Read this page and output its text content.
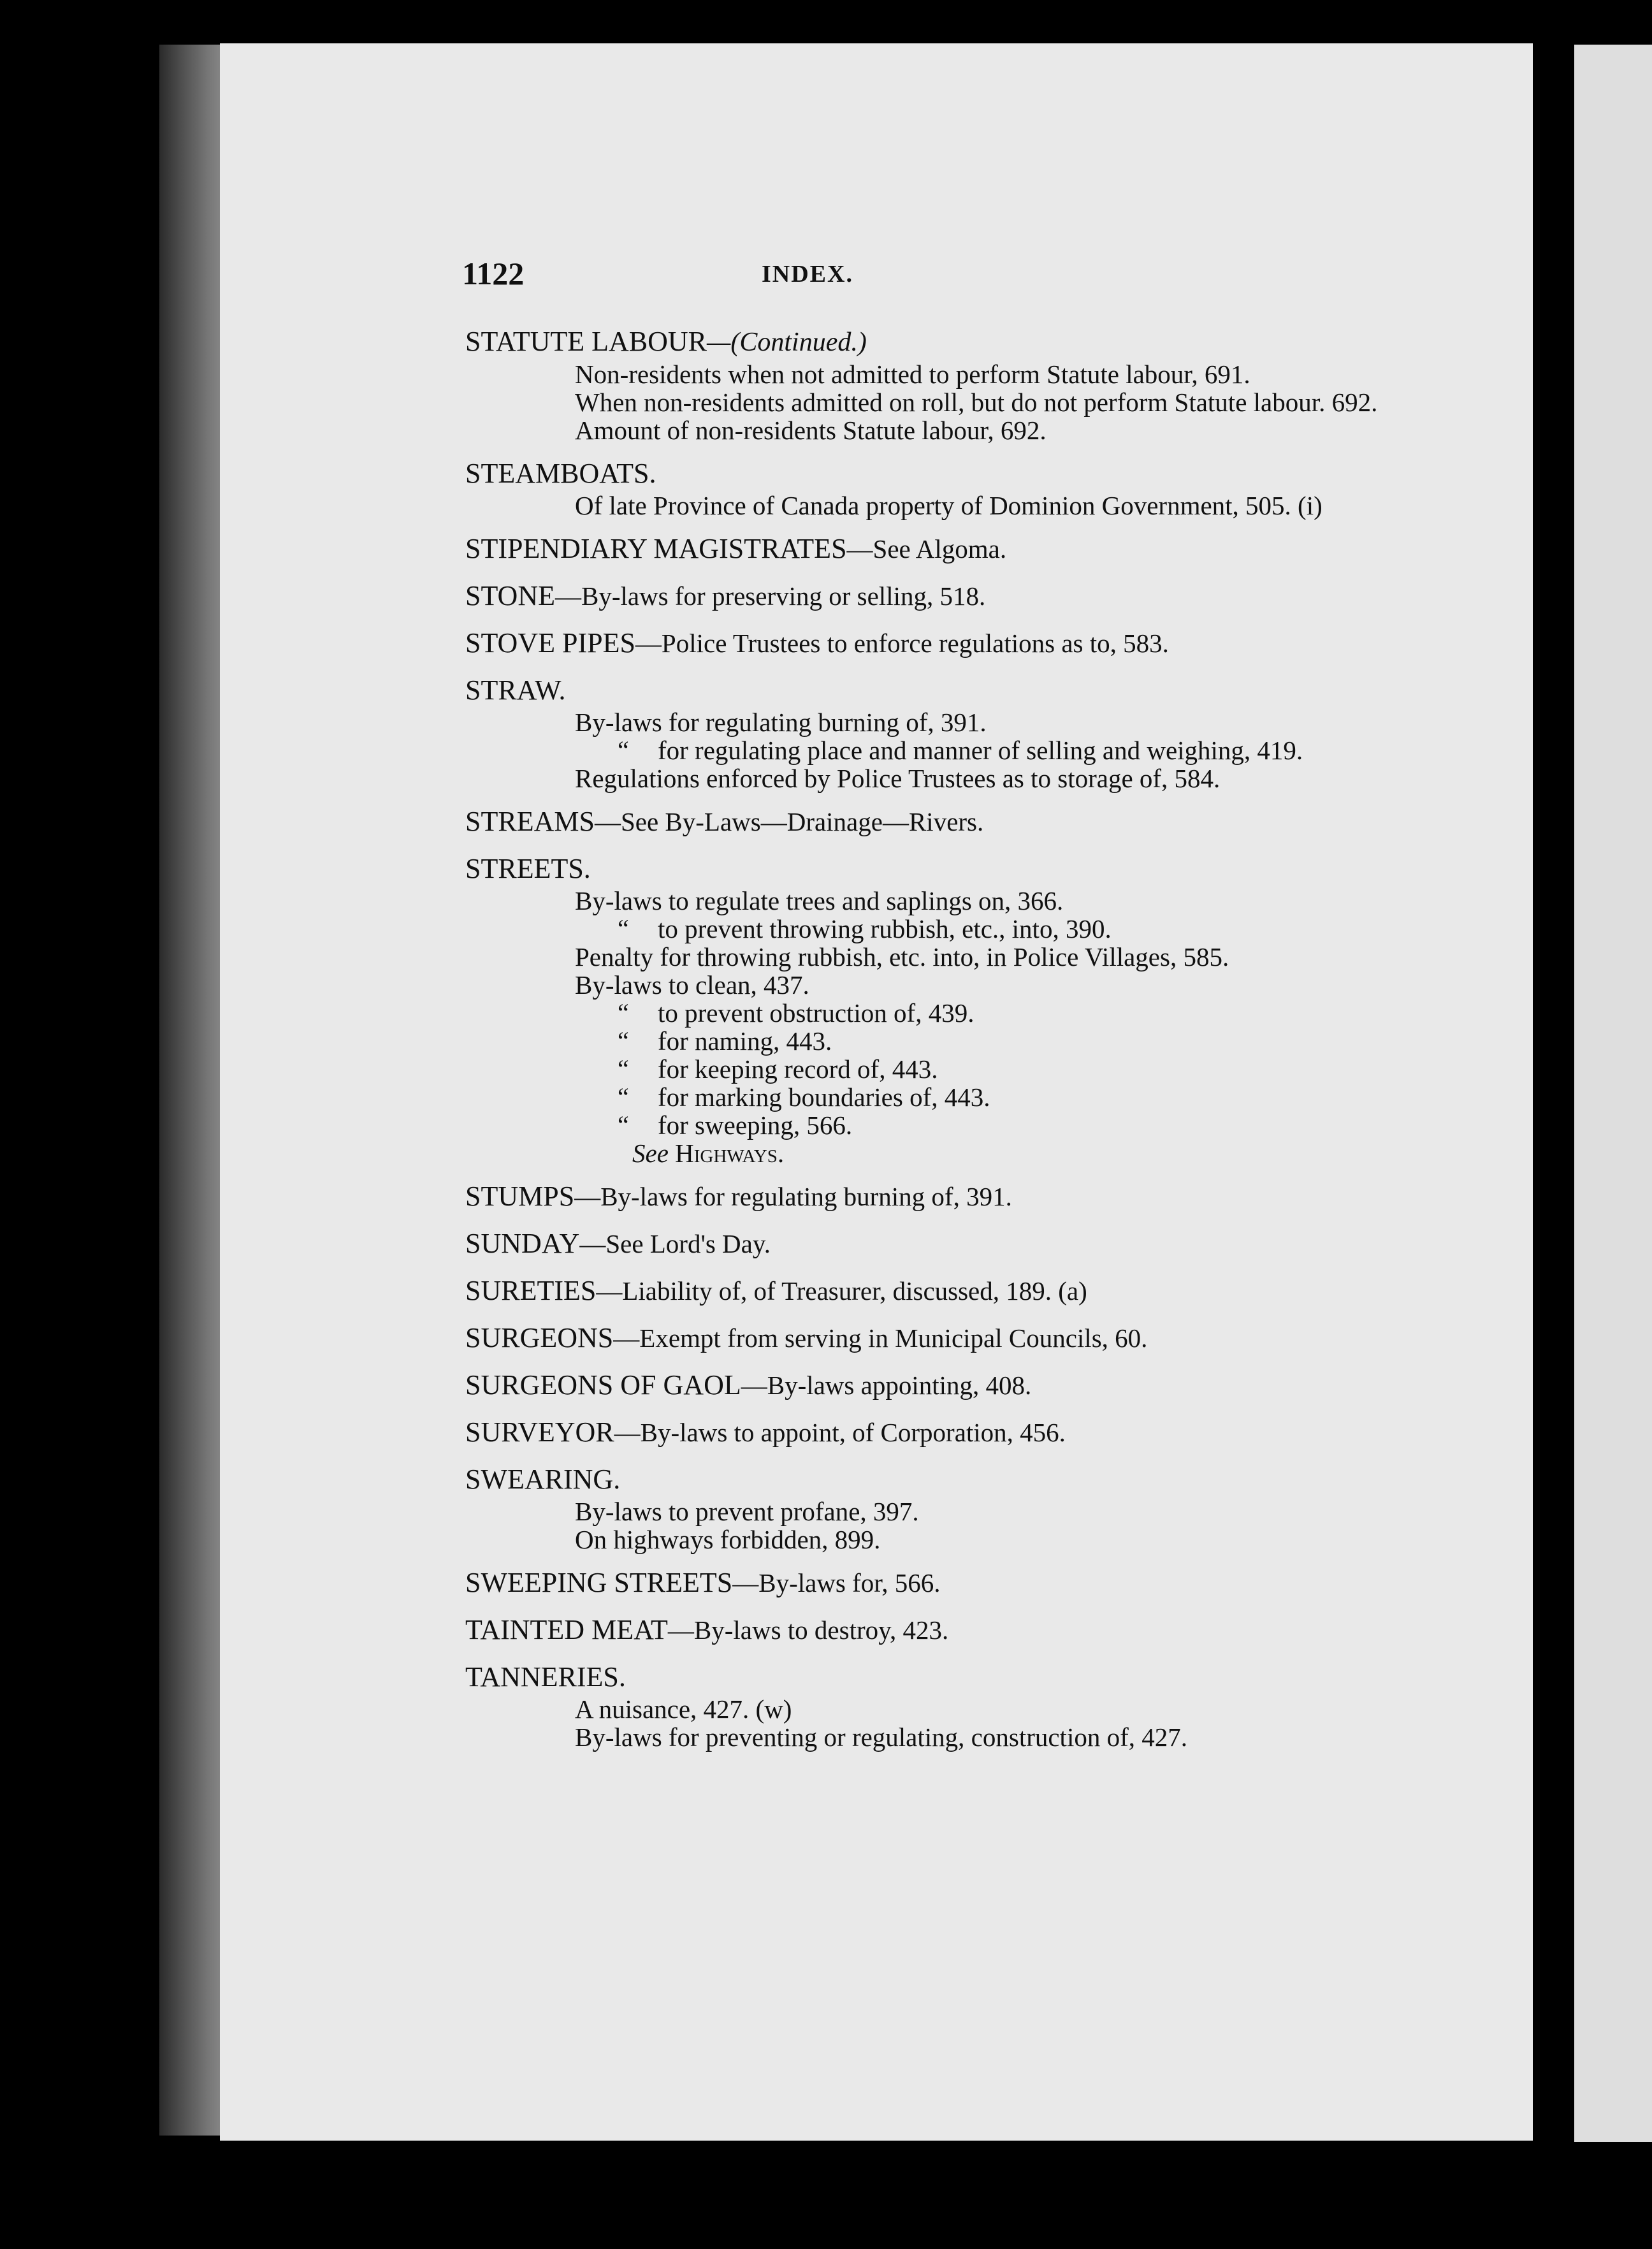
1122	INDEX.
STATUTE LABOUR—(Continued.)
Non-residents when not admitted to perform Statute labour, 691.
When non-residents admitted on roll, but do not perform Statute labour. 692.
Amount of non-residents Statute labour, 692.
STEAMBOATS.
Of late Province of Canada property of Dominion Government, 505. (i)
STIPENDIARY MAGISTRATES—See Algoma.
STONE—By-laws for preserving or selling, 518.
STOVE PIPES—Police Trustees to enforce regulations as to, 583.
STRAW.
By-laws for regulating burning of, 391.
“ for regulating place and manner of selling and weighing, 419.
Regulations enforced by Police Trustees as to storage of, 584.
STREAMS—See By-Laws—Drainage—Rivers.
STREETS.
By-laws to regulate trees and saplings on, 366.
“ to prevent throwing rubbish, etc., into, 390.
Penalty for throwing rubbish, etc. into, in Police Villages, 585.
By-laws to clean, 437.
“ to prevent obstruction of, 439.
“ for naming, 443.
“ for keeping record of, 443.
“ for marking boundaries of, 443.
“ for sweeping, 566.
See Highways.
STUMPS—By-laws for regulating burning of, 391.
SUNDAY—See Lord's Day.
SURETIES—Liability of, of Treasurer, discussed, 189. (a)
SURGEONS—Exempt from serving in Municipal Councils, 60.
SURGEONS OF GAOL—By-laws appointing, 408.
SURVEYOR—By-laws to appoint, of Corporation, 456.
SWEARING.
By-laws to prevent profane, 397.
On highways forbidden, 899.
SWEEPING STREETS—By-laws for, 566.
TAINTED MEAT—By-laws to destroy, 423.
TANNERIES.
A nuisance, 427. (w)
By-laws for preventing or regulating, construction of, 427.
